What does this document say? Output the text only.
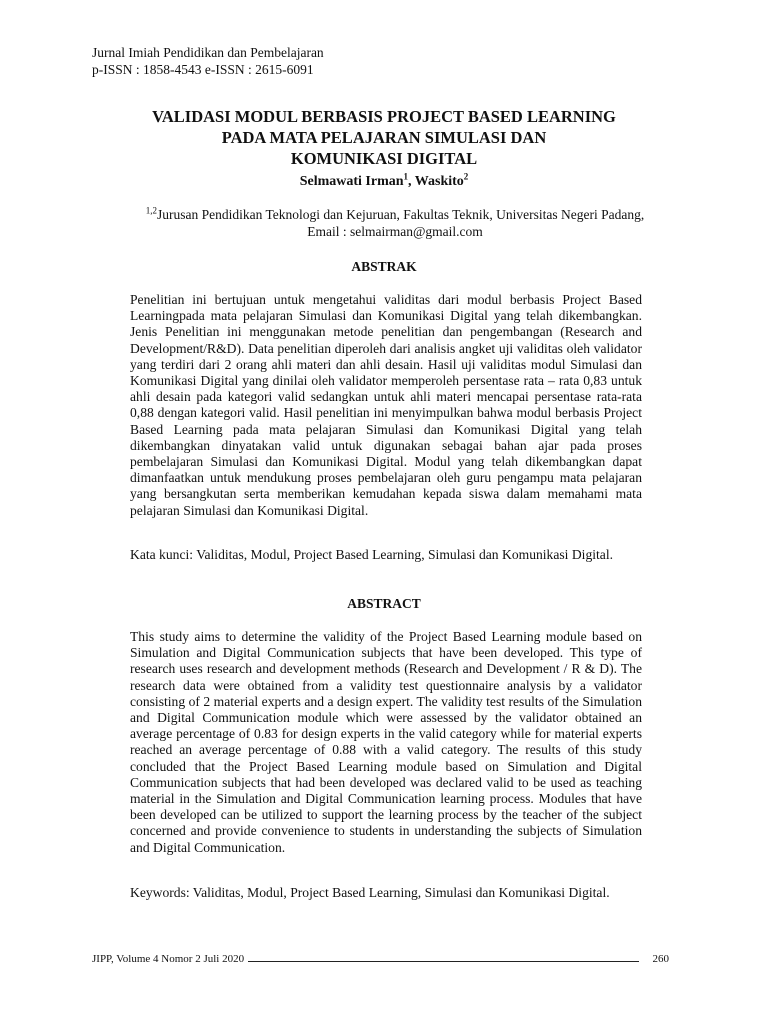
Jurnal Imiah Pendidikan dan Pembelajaran
p-ISSN : 1858-4543 e-ISSN : 2615-6091
VALIDASI MODUL BERBASIS PROJECT BASED LEARNING
PADA MATA PELAJARAN SIMULASI DAN
KOMUNIKASI DIGITAL
Selmawati Irman$^1$, Waskito$^2$
$^{1,2}$Jurusan Pendidikan Teknologi dan Kejuruan, Fakultas Teknik, Universitas Negeri Padang,
Email : selmairman@gmail.com
ABSTRAK
Penelitian ini bertujuan untuk mengetahui validitas dari modul berbasis Project Based Learningpada mata pelajaran Simulasi dan Komunikasi Digital yang telah dikembangkan. Jenis Penelitian ini menggunakan metode penelitian dan pengembangan (Research and Development/R&D). Data penelitian diperoleh dari analisis angket uji validitas oleh validator yang terdiri dari 2 orang ahli materi dan ahli desain. Hasil uji validitas modul Simulasi dan Komunikasi Digital yang dinilai oleh validator memperoleh persentase rata – rata 0,83 untuk ahli desain pada kategori valid sedangkan untuk ahli materi mencapai persentase rata-rata 0,88 dengan kategori valid. Hasil penelitian ini menyimpulkan bahwa modul berbasis Project Based Learning pada mata pelajaran Simulasi dan Komunikasi Digital yang telah dikembangkan dinyatakan valid untuk digunakan sebagai bahan ajar pada proses pembelajaran Simulasi dan Komunikasi Digital. Modul yang telah dikembangkan dapat dimanfaatkan untuk mendukung proses pembelajaran oleh guru pengampu mata pelajaran yang bersangkutan serta memberikan kemudahan kepada siswa dalam memahami mata pelajaran Simulasi dan Komunikasi Digital.
Kata kunci: Validitas, Modul, Project Based Learning, Simulasi dan Komunikasi Digital.
ABSTRACT
This study aims to determine the validity of the Project Based Learning module based on Simulation and Digital Communication subjects that have been developed. This type of research uses research and development methods (Research and Development / R & D). The research data were obtained from a validity test questionnaire analysis by a validator consisting of 2 material experts and a design expert. The validity test results of the Simulation and Digital Communication module which were assessed by the validator obtained an average percentage of 0.83 for design experts in the valid category while for material experts reached an average percentage of 0.88 with a valid category. The results of this study concluded that the Project Based Learning module based on Simulation and Digital Communication subjects that had been developed was declared valid to be used as teaching material in the Simulation and Digital Communication learning process. Modules that have been developed can be utilized to support the learning process by the teacher of the subject concerned and provide convenience to students in understanding the subjects of Simulation and Digital Communication.
Keywords: Validitas, Modul, Project Based Learning, Simulasi dan Komunikasi Digital.
JIPP, Volume 4 Nomor 2 Juli 2020	260
